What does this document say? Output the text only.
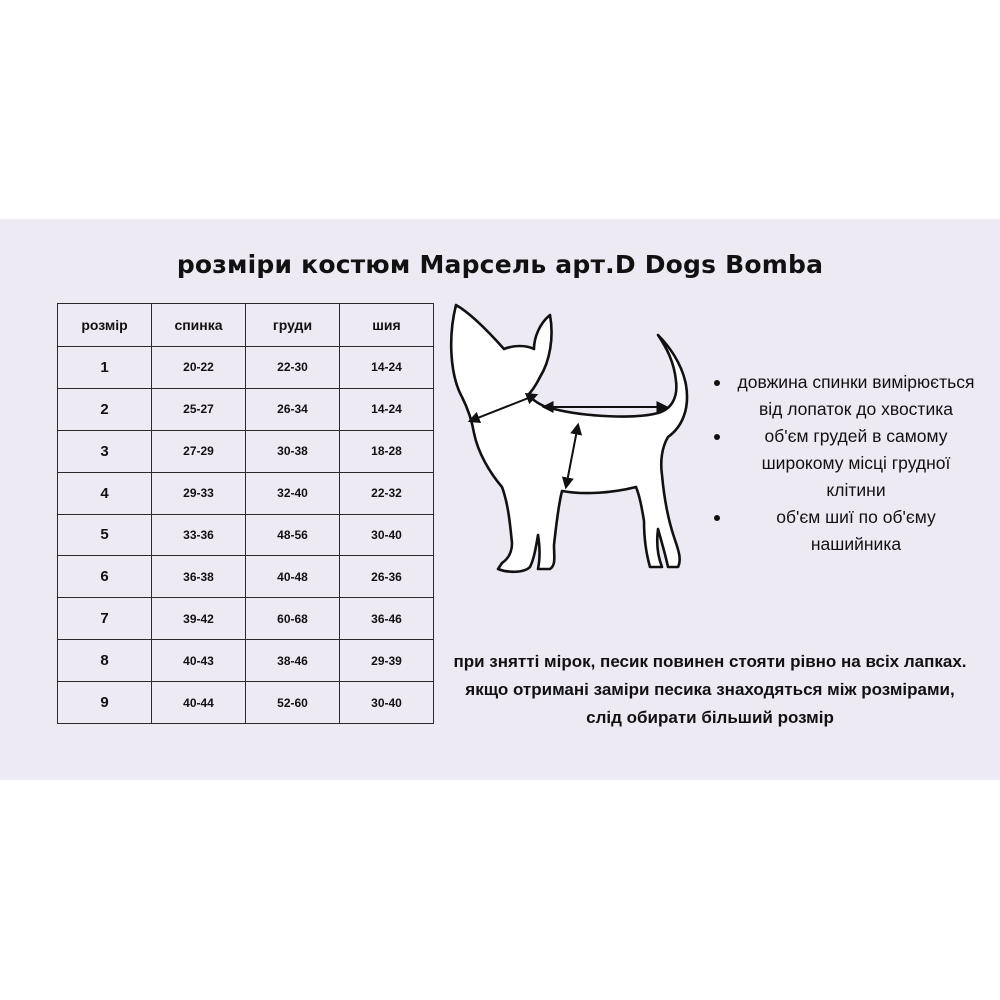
розміри костюм Марсель арт.D Dogs Bomba
розмір	спинка	груди	шия
1	20-22	22-30	14-24
2	25-27	26-34	14-24
3	27-29	30-38	18-28
4	29-33	32-40	22-32
5	33-36	48-56	30-40
6	36-38	40-48	26-36
7	39-42	60-68	36-46
8	40-43	38-46	29-39
9	40-44	52-60	30-40
довжина спинки вимірюється від лопаток до хвостика
об'єм грудей в самому широкому місці грудної клітини
об'єм шиї по об'єму нашийника
при знятті мірок, песик повинен стояти рівно на всіх лапках. якщо отримані заміри песика знаходяться між розмірами, слід обирати більший розмір
